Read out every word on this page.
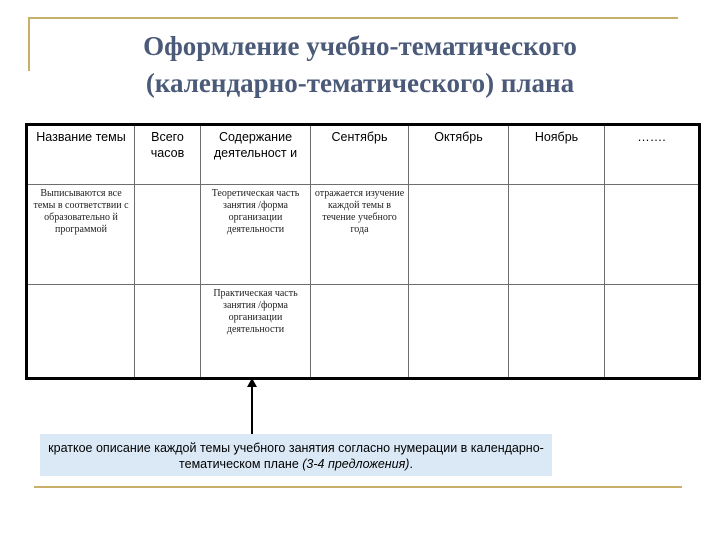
Оформление учебно-тематического
(календарно-тематического) плана
Название темы	Всего часов	Содержание деятельност и	Сентябрь	Октябрь	Ноябрь	…….
Выписываются все темы в соответствии с образовательно й программой		Теоретическая часть занятия /форма организации деятельности	отражается изучение каждой темы в течение учебного года			
		Практическая часть занятия /форма организации деятельности				
краткое описание каждой темы учебного занятия согласно нумерации в календарно-тематическом плане (3-4 предложения).
